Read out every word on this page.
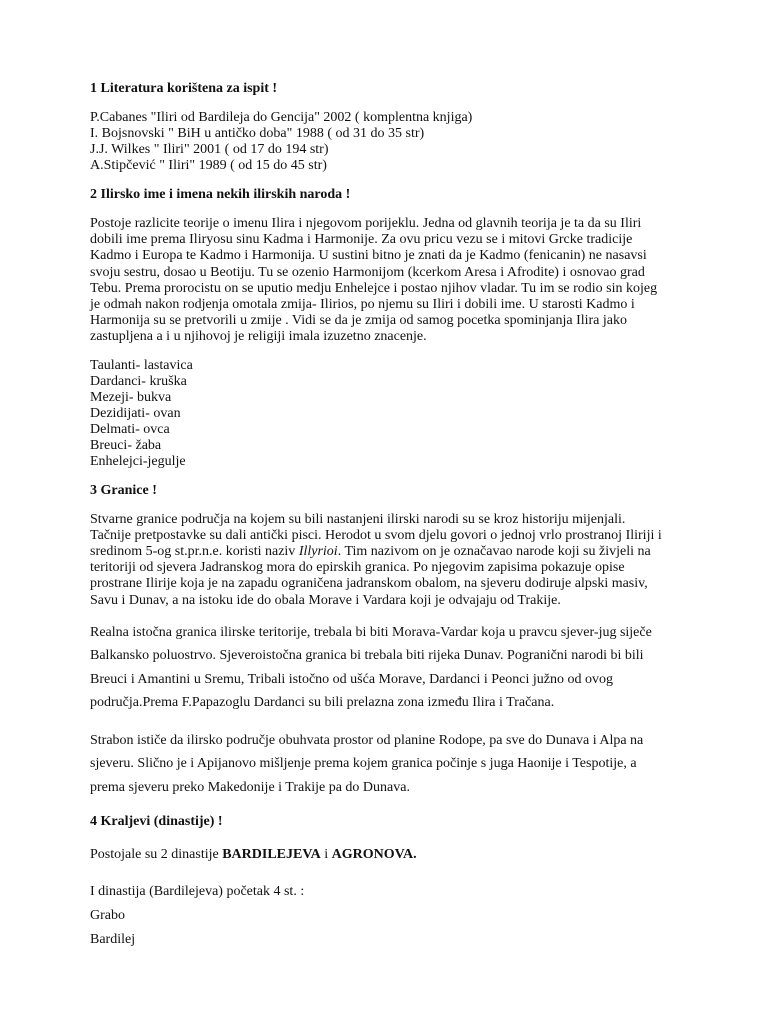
1 Literatura korištena za ispit !
P.Cabanes "Iliri od Bardileja do Gencija" 2002 ( komplentna knjiga)
I. Bojsnovski " BiH u antičko doba" 1988 ( od 31 do 35 str)
J.J. Wilkes " Iliri" 2001 ( od 17 do 194 str)
A.Stipčević " Iliri" 1989 ( od 15 do 45 str)
2 Ilirsko ime i imena nekih ilirskih naroda !
Postoje razlicite teorije o imenu Ilira i njegovom porijeklu. Jedna od glavnih teorija je ta da su Iliri
dobili ime prema Iliryosu sinu Kadma i Harmonije. Za ovu pricu vezu se i mitovi Grcke tradicije
Kadmo i Europa te Kadmo i Harmonija. U sustini bitno je znati da je Kadmo (fenicanin) ne nasavsi
svoju sestru, dosao u Beotiju. Tu se ozenio Harmonijom (kcerkom Aresa i Afrodite) i osnovao grad
Tebu. Prema prorocistu on se uputio medju Enhelejce i postao njihov vladar. Tu im se rodio sin kojeg
je odmah nakon rodjenja omotala zmija- Ilirios, po njemu su Iliri i dobili ime. U starosti Kadmo i
Harmonija su se pretvorili u zmije . Vidi se da je zmija od samog pocetka spominjanja Ilira jako
zastupljena a i u njihovoj je religiji imala izuzetno znacenje.
Taulanti- lastavica
Dardanci- kruška
Mezeji- bukva
Dezidijati- ovan
Delmati- ovca
Breuci- žaba
Enhelejci-jegulje
3 Granice !
Stvarne granice područja na kojem su bili nastanjeni ilirski narodi su se kroz historiju mijenjali.
Tačnije pretpostavke su dali antički pisci. Herodot u svom djelu govori o jednoj vrlo prostranoj Iliriji i
sredinom 5-og st.pr.n.e. koristi naziv Illyrioi. Tim nazivom on je označavao narode koji su živjeli na
teritoriji od sjevera Jadranskog mora do epirskih granica. Po njegovim zapisima pokazuje opise
prostrane Ilirije koja je na zapadu ograničena jadranskom obalom, na sjeveru dodiruje alpski masiv,
Savu i Dunav, a na istoku ide do obala Morave i Vardara koji je odvajaju od Trakije.
Realna istočna granica ilirske teritorije, trebala bi biti Morava-Vardar koja u pravcu sjever-jug siječe
Balkansko poluostrvo. Sjeveroistočna granica bi trebala biti rijeka Dunav. Pogranični narodi bi bili
Breuci i Amantini u Sremu, Tribali istočno od ušća Morave, Dardanci i Peonci južno od ovog
područja.Prema F.Papazoglu Dardanci su bili prelazna zona između Ilira i Tračana.
Strabon ističe da ilirsko područje obuhvata prostor od planine Rodope, pa sve do Dunava i Alpa na
sjeveru. Slično je i Apijanovo mišljenje prema kojem granica počinje s juga Haonije i Tespotije, a
prema sjeveru preko Makedonije i Trakije pa do Dunava.
4 Kraljevi (dinastije) !
Postojale su 2 dinastije BARDILEJEVA i AGRONOVA.
I dinastija (Bardilejeva) početak 4 st. :
Grabo
Bardilej
